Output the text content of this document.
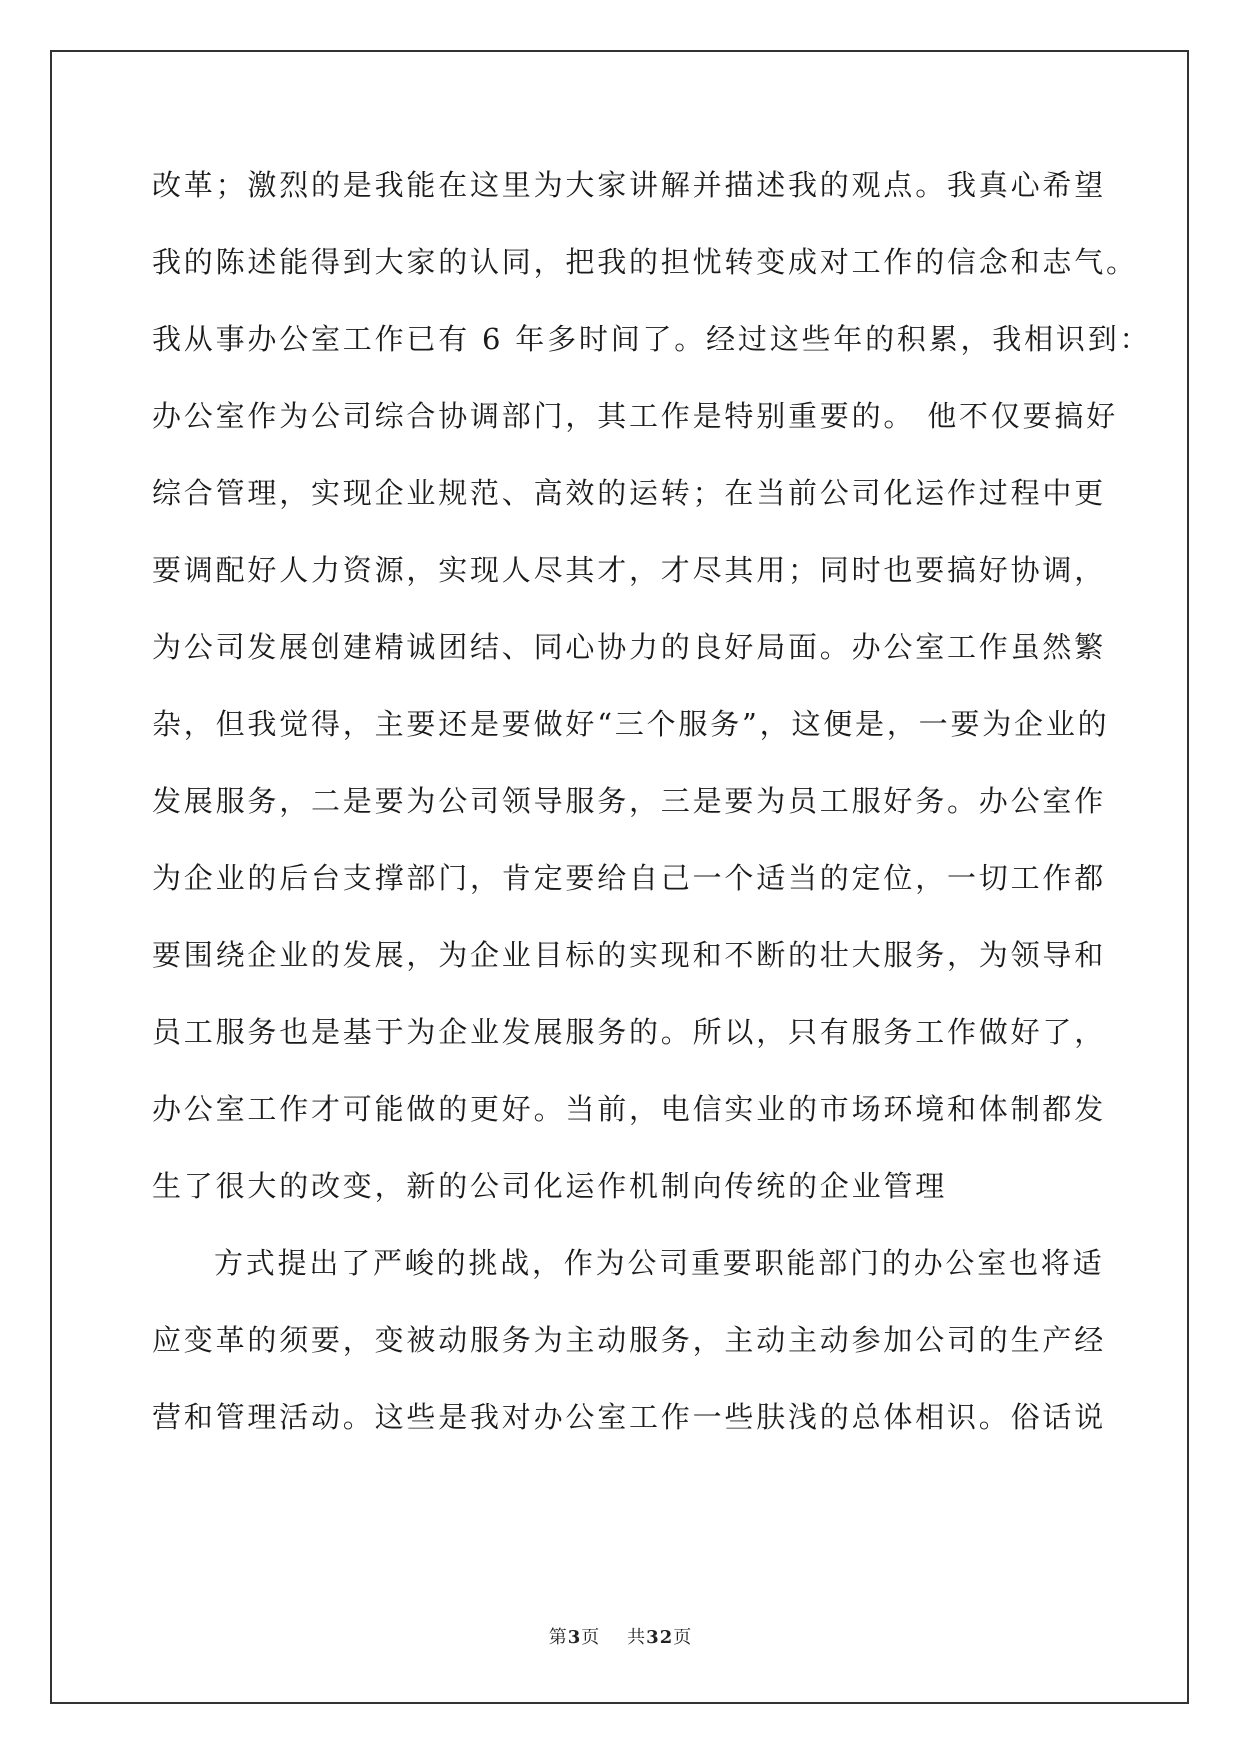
改革；激烈的是我能在这里为大家讲解并描述我的观点。我真心希望
我的陈述能得到大家的认同，把我的担忧转变成对工作的信念和志气。
我从事办公室工作已有 6 年多时间了。经过这些年的积累，我相识到：
办公室作为公司综合协调部门，其工作是特别重要的。 他不仅要搞好
综合管理，实现企业规范、高效的运转；在当前公司化运作过程中更
要调配好人力资源，实现人尽其才，才尽其用；同时也要搞好协调，
为公司发展创建精诚团结、同心协力的良好局面。办公室工作虽然繁
杂，但我觉得，主要还是要做好“三个服务”，这便是，一要为企业的
发展服务，二是要为公司领导服务，三是要为员工服好务。办公室作
为企业的后台支撑部门，肯定要给自己一个适当的定位，一切工作都
要围绕企业的发展，为企业目标的实现和不断的壮大服务，为领导和
员工服务也是基于为企业发展服务的。所以，只有服务工作做好了，
办公室工作才可能做的更好。当前，电信实业的市场环境和体制都发
生了很大的改变，新的公司化运作机制向传统的企业管理
方式提出了严峻的挑战，作为公司重要职能部门的办公室也将适
应变革的须要，变被动服务为主动服务，主动主动参加公司的生产经
营和管理活动。这些是我对办公室工作一些肤浅的总体相识。俗话说
第3页 共32页
